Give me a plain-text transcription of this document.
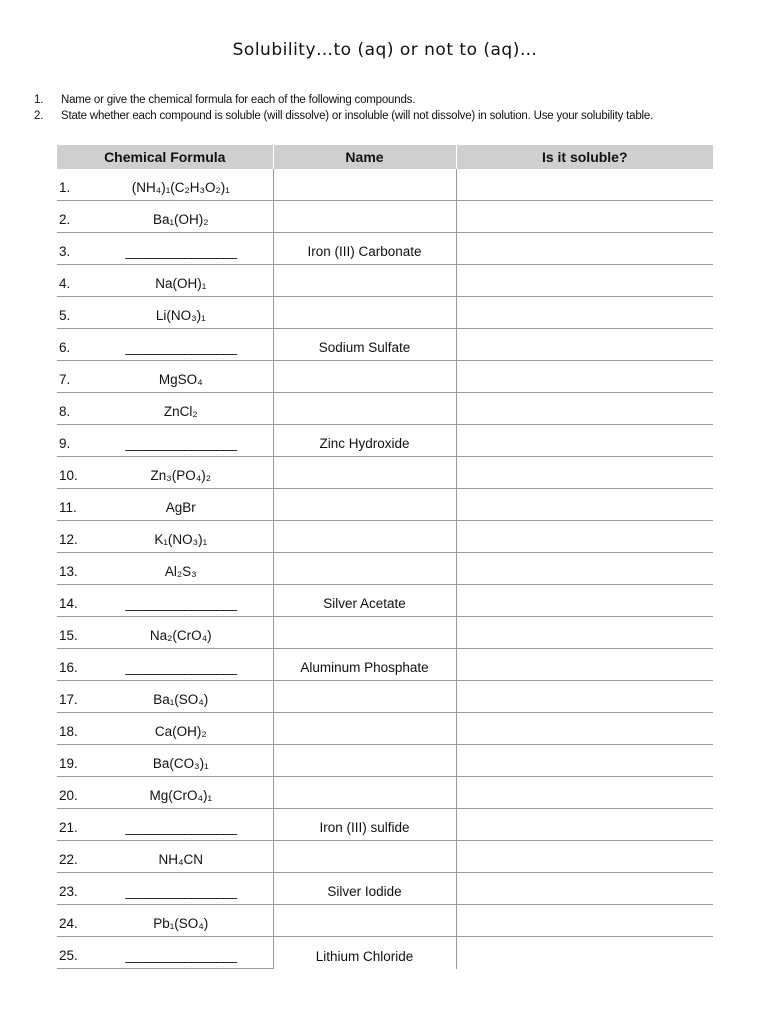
Solubility…to (aq) or not to (aq)…
1.	Name or give the chemical formula for each of the following compounds.
2.	State whether each compound is soluble (will dissolve) or insoluble (will not dissolve) in solution. Use your solubility table.
Chemical Formula	Name	Is it soluble?

1. (NH₄)₁(C₂H₃O₂)₁		

2. Ba₁(OH)₂		

3. _________________	Iron (III) Carbonate	

4. Na(OH)₁		

5. Li(NO₃)₁		

6. _________________	Sodium Sulfate	

7. MgSO₄		

8. ZnCl₂		

9. _________________	Zinc Hydroxide	

10. Zn₃(PO₄)₂		

11. AgBr		

12. K₁(NO₃)₁		

13. Al₂S₃		

14. _________________	Silver Acetate	

15. Na₂(CrO₄)		

16. _________________	Aluminum Phosphate	

17. Ba₁(SO₄)		

18. Ca(OH)₂		

19. Ba(CO₃)₁		

20. Mg(CrO₄)₁		

21. _________________	Iron (III) sulfide	

22. NH₄CN		

23. _________________	Silver Iodide	

24. Pb₁(SO₄)		

25. _________________	Lithium Chloride	
